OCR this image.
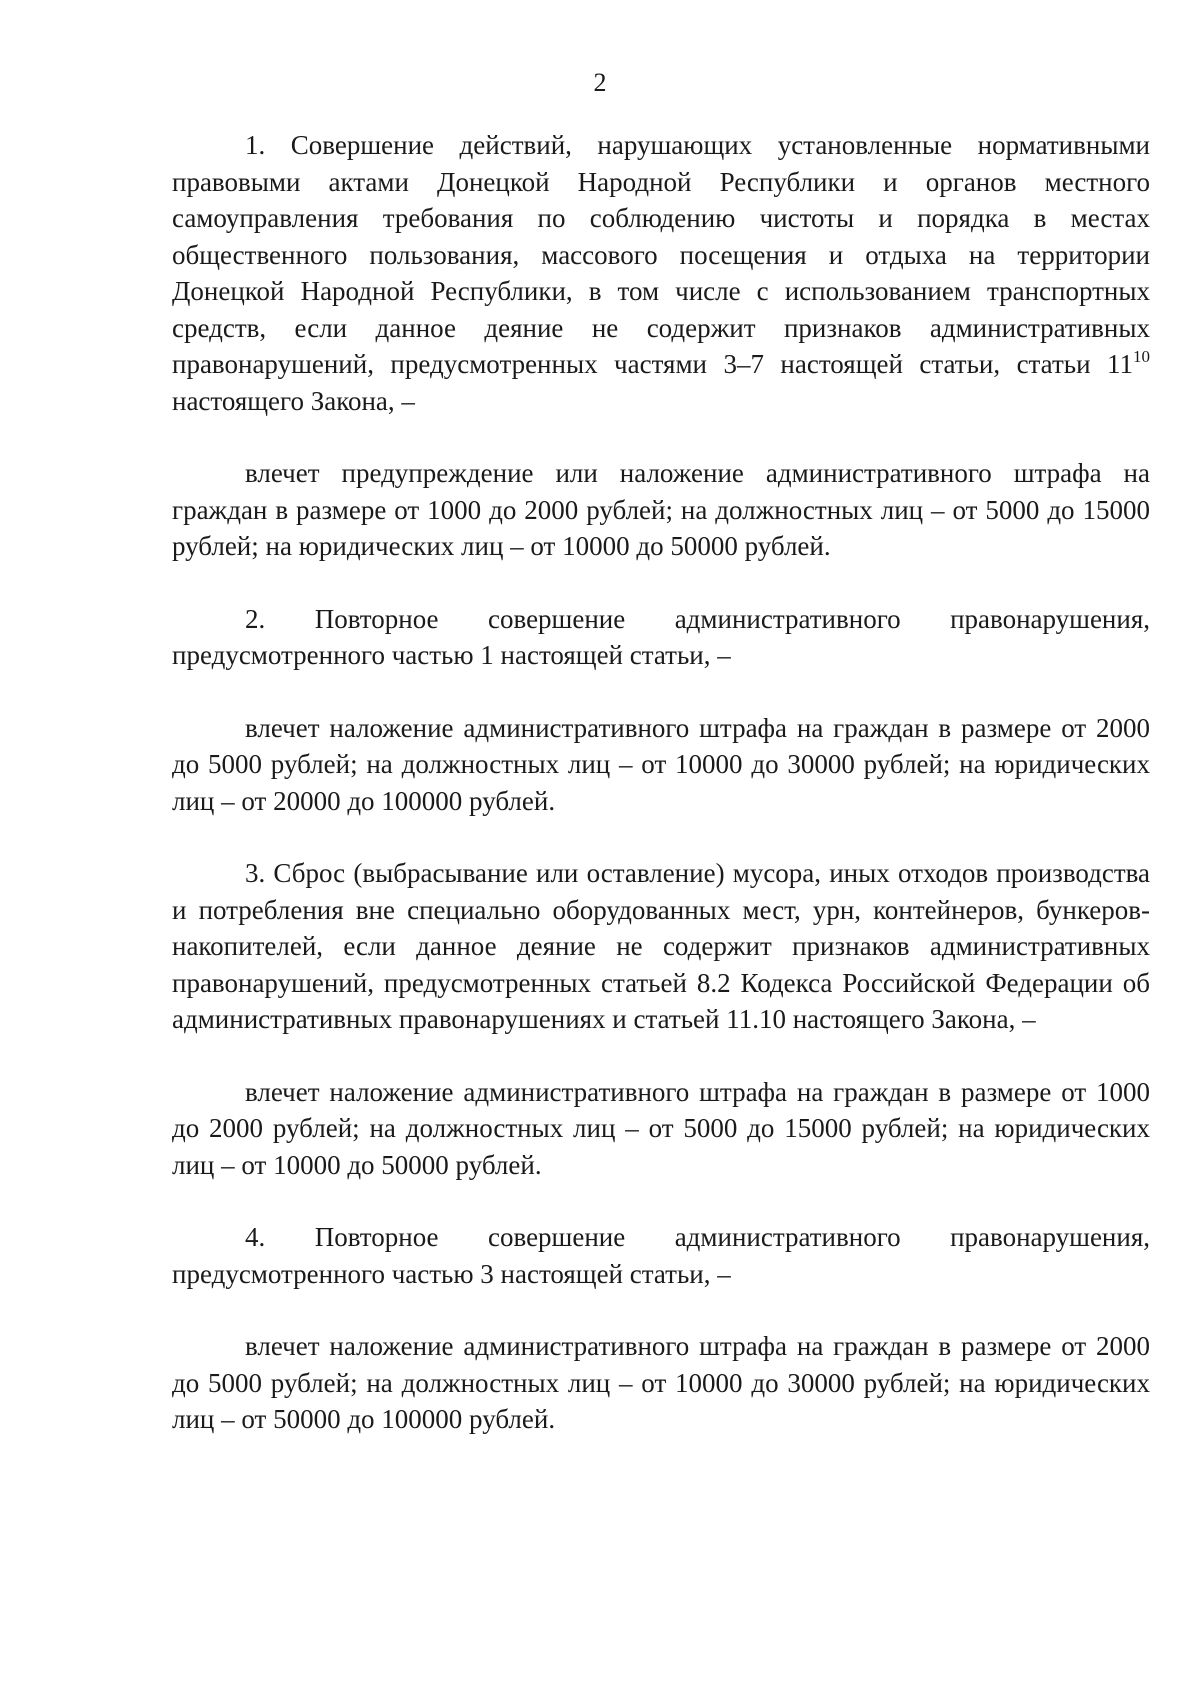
2

1. Совершение действий, нарушающих установленные нормативными правовыми актами Донецкой Народной Республики и органов местного самоуправления требования по соблюдению чистоты и порядка в местах общественного пользования, массового посещения и отдыха на территории Донецкой Народной Республики, в том числе с использованием транспортных средств, если данное деяние не содержит признаков административных правонарушений, предусмотренных частями 3–7 настоящей статьи, статьи $11^{10}$ настоящего Закона, –

влечет предупреждение или наложение административного штрафа на граждан в размере от 1000 до 2000 рублей; на должностных лиц – от 5000 до 15000 рублей; на юридических лиц – от 10000 до 50000 рублей.

2. Повторное совершение административного правонарушения, предусмотренного частью 1 настоящей статьи, –

влечет наложение административного штрафа на граждан в размере от 2000 до 5000 рублей; на должностных лиц – от 10000 до 30000 рублей; на юридических лиц – от 20000 до 100000 рублей.

3. Сброс (выбрасывание или оставление) мусора, иных отходов производства и потребления вне специально оборудованных мест, урн, контейнеров, бункеров-накопителей, если данное деяние не содержит признаков административных правонарушений, предусмотренных статьей 8.2 Кодекса Российской Федерации об административных правонарушениях и статьей 11.10 настоящего Закона, –

влечет наложение административного штрафа на граждан в размере от 1000 до 2000 рублей; на должностных лиц – от 5000 до 15000 рублей; на юридических лиц – от 10000 до 50000 рублей.

4. Повторное совершение административного правонарушения, предусмотренного частью 3 настоящей статьи, –

влечет наложение административного штрафа на граждан в размере от 2000 до 5000 рублей; на должностных лиц – от 10000 до 30000 рублей; на юридических лиц – от 50000 до 100000 рублей.
